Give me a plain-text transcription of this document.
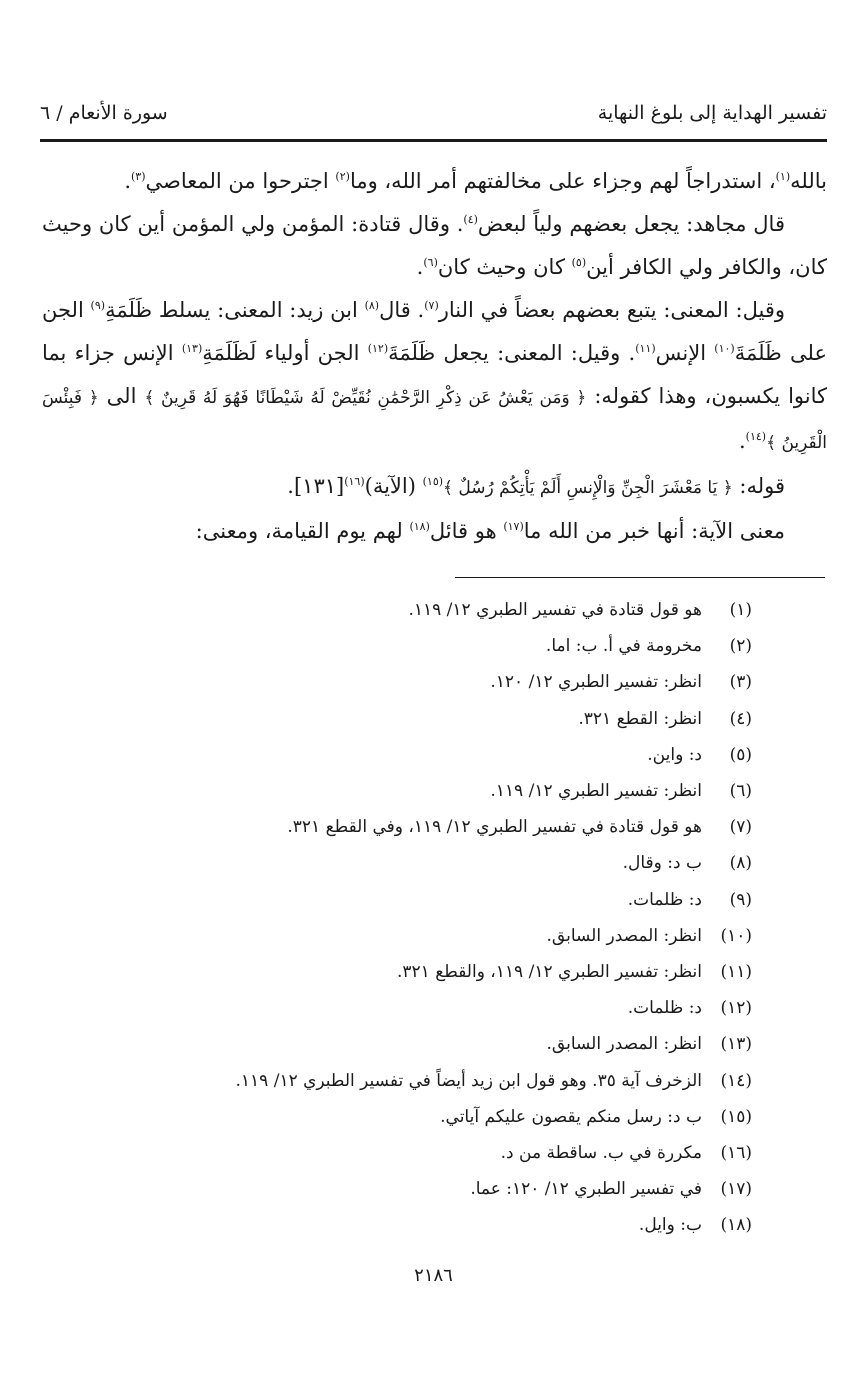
تفسير الهداية إلى بلوغ النهاية
سورة الأنعام / ٦

بالله$^{(١)}$، استدراجاً لهم وجزاء على مخالفتهم أمر الله، وما$^{(٢)}$ اجترحوا من المعاصي$^{(٣)}$.

قال مجاهد: يجعل بعضهم ولياً لبعض$^{(٤)}$. وقال قتادة: المؤمن ولي المؤمن أين كان وحيث كان، والكافر ولي الكافر أين$^{(٥)}$ كان وحيث كان$^{(٦)}$.

وقيل: المعنى: يتبع بعضهم بعضاً في النار$^{(٧)}$. قال$^{(٨)}$ ابن زيد: المعنى: يسلط ظَلَمَةِ$^{(٩)}$ الجن على ظَلَمَةَ$^{(١٠)}$ الإنس$^{(١١)}$. وقيل: المعنى: يجعل ظَلَمَةَ$^{(١٢)}$ الجن أولياء لَظَلَمَةِ$^{(١٣)}$ الإنس جزاء بما كانوا يكسبون، وهذا كقوله: ﴿ وَمَن يَعْشُ عَن ذِكْرِ الرَّحْمَٰنِ نُقَيِّضْ لَهُ شَيْطَانًا فَهُوَ لَهُ قَرِينٌ ﴾ الى ﴿ فَبِئْسَ الْقَرِينُ ﴾$^{(١٤)}$.

قوله: ﴿ يَا مَعْشَرَ الْجِنِّ وَالْإِنسِ أَلَمْ يَأْتِكُمْ رُسُلٌ ﴾$^{(١٥)}$ (الآية)$^{(١٦)}$[١٣١].

معنى الآية: أنها خبر من الله ما$^{(١٧)}$ هو قائل$^{(١٨)}$ لهم يوم القيامة، ومعنى:

(١)
هو قول قتادة في تفسير الطبري ١٢/ ١١٩.
(٢)
مخرومة في أ. ب: اما.
(٣)
انظر: تفسير الطبري ١٢/ ١٢٠.
(٤)
انظر: القطع ٣٢١.
(٥)
د: واين.
(٦)
انظر: تفسير الطبري ١٢/ ١١٩.
(٧)
هو قول قتادة في تفسير الطبري ١٢/ ١١٩، وفي القطع ٣٢١.
(٨)
ب د: وقال.
(٩)
د: ظلمات.
(١٠)
انظر: المصدر السابق.
(١١)
انظر: تفسير الطبري ١٢/ ١١٩، والقطع ٣٢١.
(١٢)
د: ظلمات.
(١٣)
انظر: المصدر السابق.
(١٤)
الزخرف آية ٣٥. وهو قول ابن زيد أيضاً في تفسير الطبري ١٢/ ١١٩.
(١٥)
ب د: رسل منكم يقصون عليكم آياتي.
(١٦)
مكررة في ب. ساقطة من د.
(١٧)
في تفسير الطبري ١٢/ ١٢٠: عما.
(١٨)
ب: وايل.
٢١٨٦
